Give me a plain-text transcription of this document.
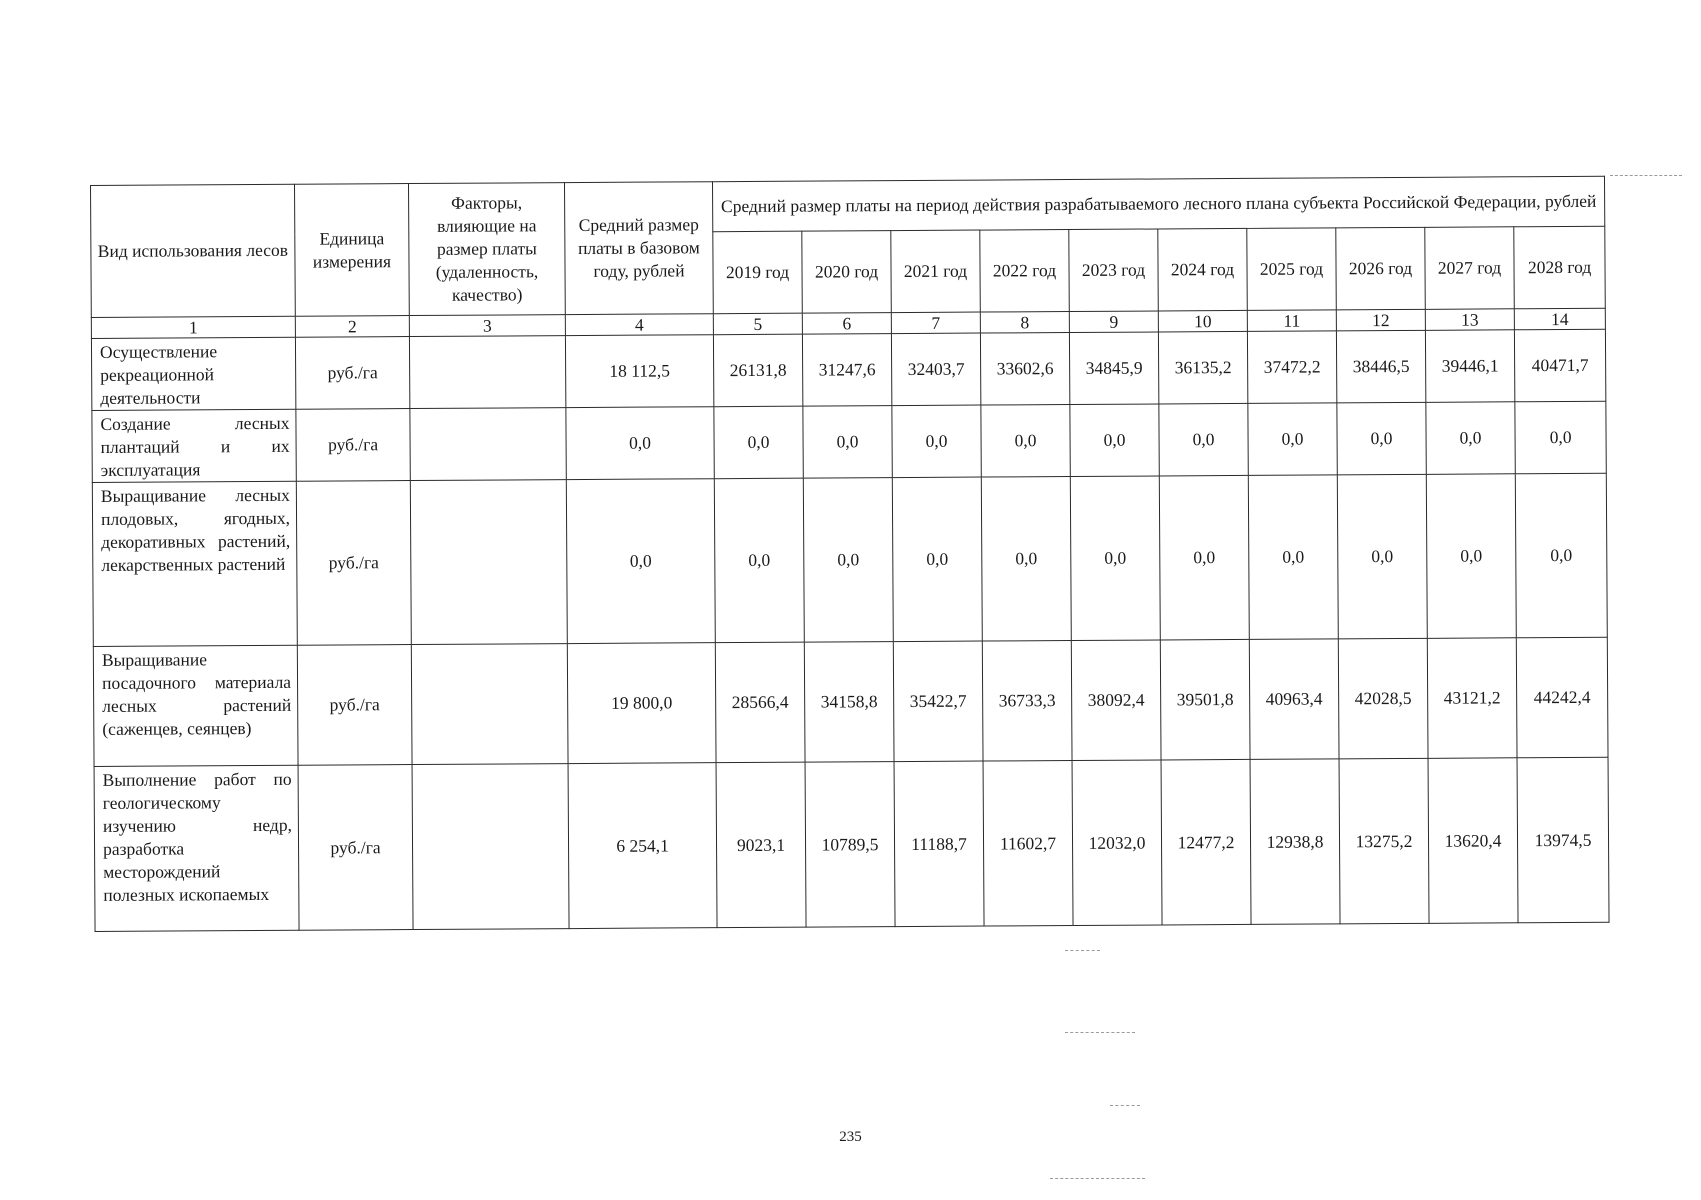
Вид использования лесов	Единица измерения	Факторы, влияющие на размер платы (удаленность, качество)	Средний размер платы в базовом году, рублей	Средний размер платы на период действия разрабатываемого лесного плана субъекта Российской Федерации, рублей									
				2019 год	2020 год	2021 год	2022 год	2023 год	2024 год	2025 год	2026 год	2027 год	2028 год
1	2	3	4	5	6	7	8	9	10	11	12	13	14
Осуществление рекреационной деятельности	руб./га		18 112,5	26131,8	31247,6	32403,7	33602,6	34845,9	36135,2	37472,2	38446,5	39446,1	40471,7
Создание лесных плантаций и их эксплуатация	руб./га		0,0	0,0	0,0	0,0	0,0	0,0	0,0	0,0	0,0	0,0	0,0
Выращивание лесных плодовых, ягодных, декоративных растений, лекарственных растений	руб./га		0,0	0,0	0,0	0,0	0,0	0,0	0,0	0,0	0,0	0,0	0,0
Выращивание посадочного материала лесных растений (саженцев, сеянцев)	руб./га		19 800,0	28566,4	34158,8	35422,7	36733,3	38092,4	39501,8	40963,4	42028,5	43121,2	44242,4
Выполнение работ по геологическому изучению недр, разработка месторождений полезных ископаемых	руб./га		6 254,1	9023,1	10789,5	11188,7	11602,7	12032,0	12477,2	12938,8	13275,2	13620,4	13974,5
235
